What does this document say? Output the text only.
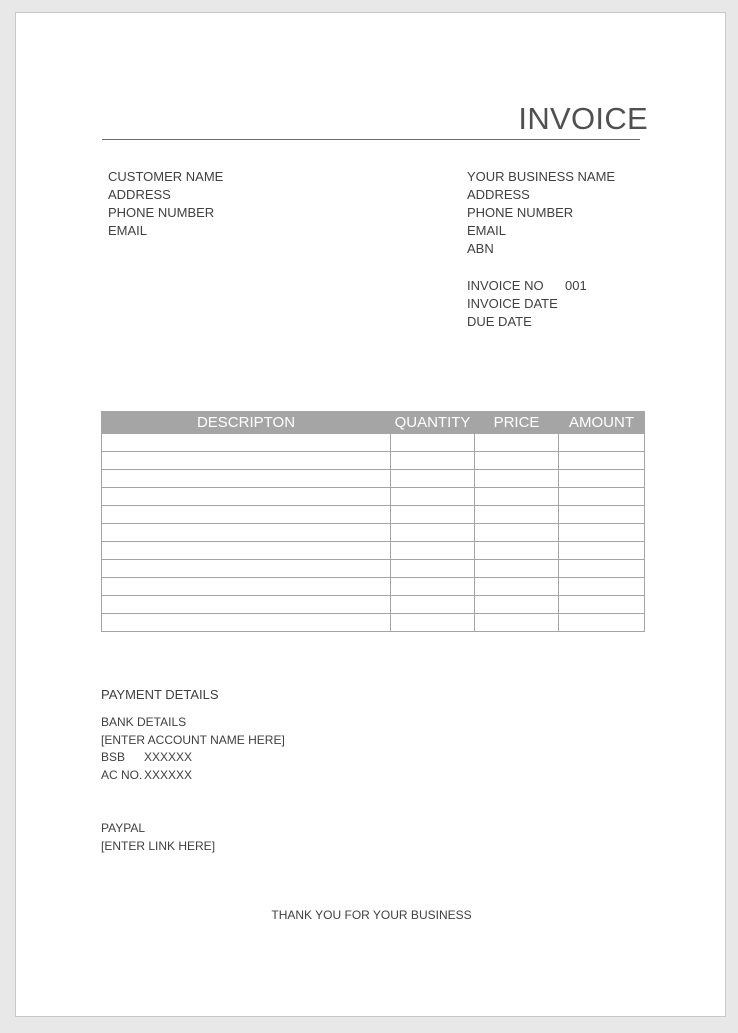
INVOICE
CUSTOMER NAME
ADDRESS
PHONE NUMBER
EMAIL
YOUR BUSINESS NAME
ADDRESS
PHONE NUMBER
EMAIL
ABN
INVOICE NO	001
INVOICE DATE
DUE DATE
DESCRIPTON	QUANTITY	PRICE	AMOUNT

PAYMENT DETAILS
BANK DETAILS
[ENTER ACCOUNT NAME HERE]
BSB	XXXXXX
AC NO. XXXXXX
PAYPAL
[ENTER LINK HERE]
THANK YOU FOR YOUR BUSINESS
